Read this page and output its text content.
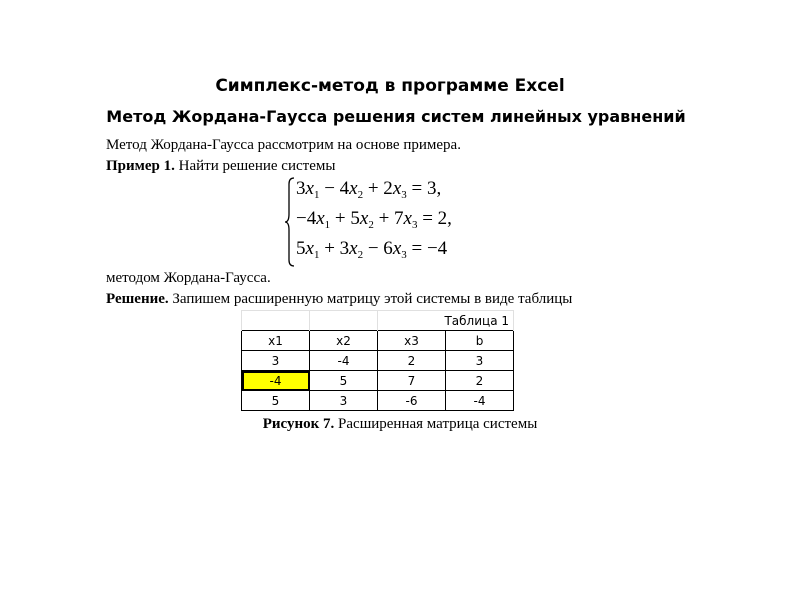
Симплекс-метод в программе Excel
Метод Жордана-Гаусса решения систем линейных уравнений
Метод Жордана-Гаусса рассмотрим на основе примера.
Пример 1. Найти решение системы
$3x_1 - 4x_2 + 2x_3 = 3$,
$-4x_1 + 5x_2 + 7x_3 = 2$,
$5x_1 + 3x_2 - 6x_3 = -4$
методом Жордана-Гаусса.
Решение. Запишем расширенную матрицу этой системы в виде таблицы
		Таблица 1	
x1	x2	x3	b
3	-4	2	3
-4	5	7	2
5	3	-6	-4
Рисунок 7. Расширенная матрица системы
